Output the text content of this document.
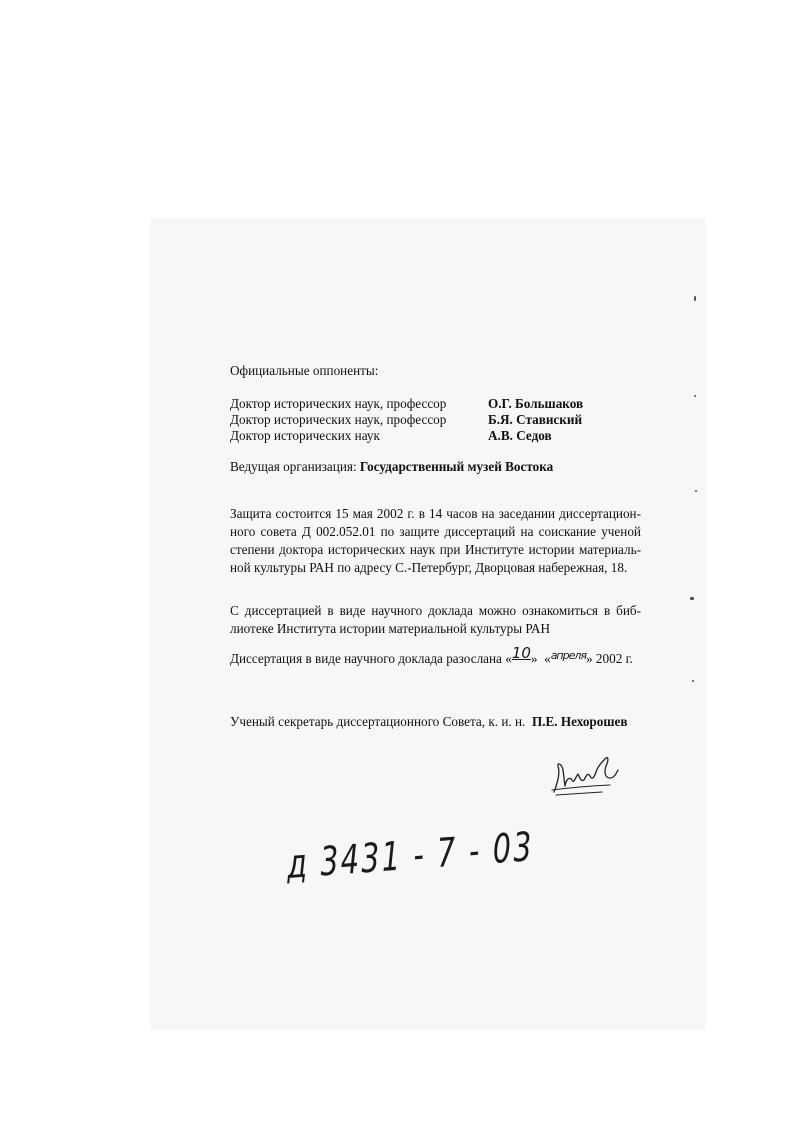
Официальные оппоненты:
Доктор исторических наук, профессор	О.Г. Большаков
Доктор исторических наук, профессор	Б.Я. Ставиский
Доктор исторических наук	А.В. Седов
Ведущая организация: Государственный музей Востока
Защита состоится 15 мая 2002 г. в 14 часов на заседании диссертацион-
ного совета Д 002.052.01 по защите диссертаций на соискание ученой
степени доктора исторических наук при Институте истории материаль-
ной культуры РАН по адресу С.-Петербург, Дворцовая набережная, 18.
С диссертацией в виде научного доклада можно ознакомиться в биб-
лиотеке Института истории материальной культуры РАН
Диссертация в виде научного доклада разослана «10»  «$^{апреля}$» 2002 г.
Ученый секретарь диссертационного Совета, к. и. н. П.Е. Нехорошев
д 3431 - 7 - 03
